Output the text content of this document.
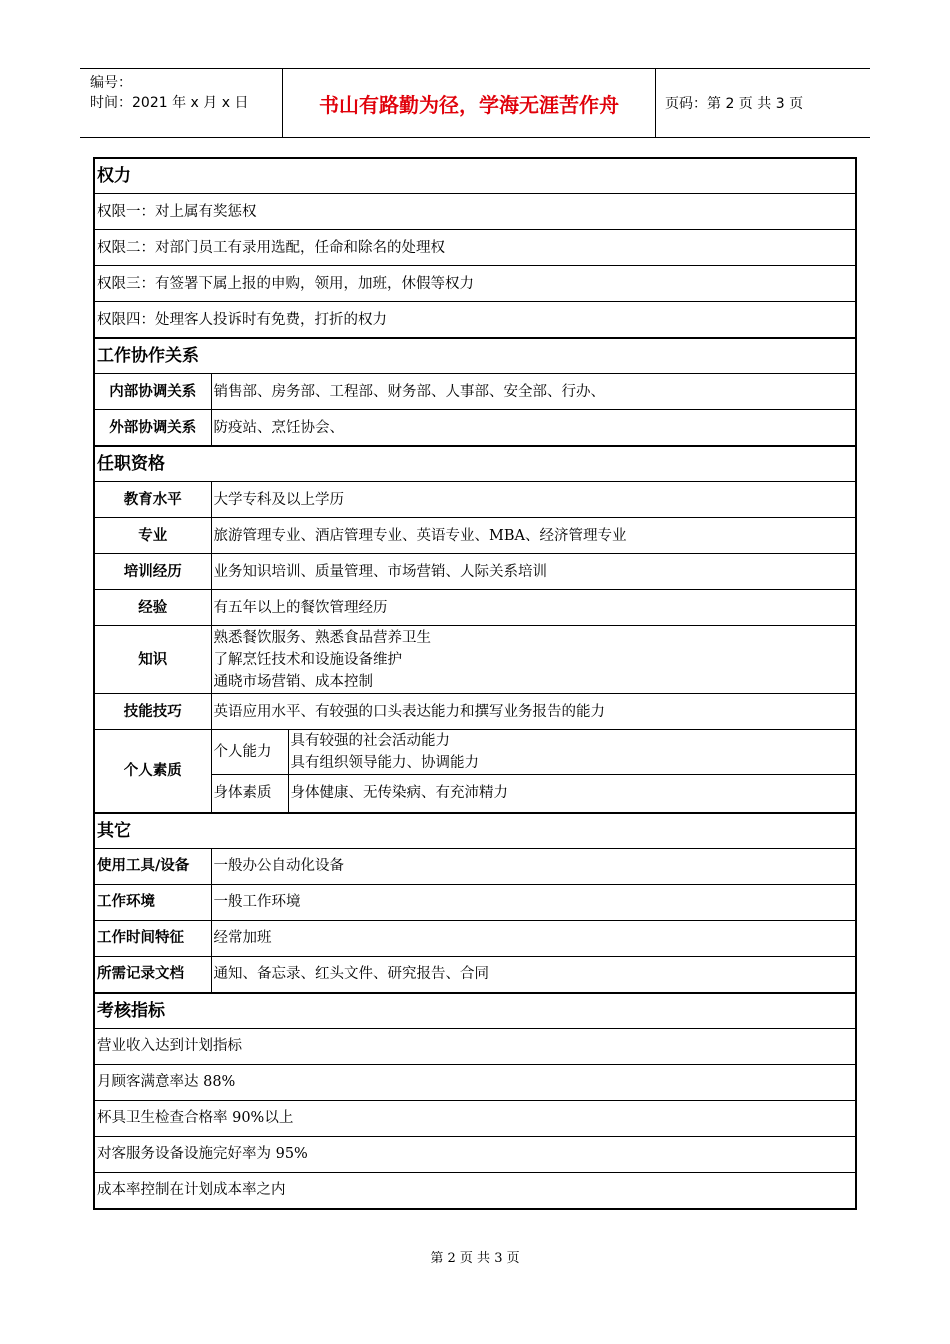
编号：
时间：2021 年 x 月 x 日	书山有路勤为径，学海无涯苦作舟	页码：第 2 页 共 3 页
权力		
权限一：对上属有奖惩权		
权限二：对部门员工有录用选配，任命和除名的处理权		
权限三：有签署下属上报的申购，领用，加班，休假等权力		
权限四：处理客人投诉时有免费，打折的权力		
工作协作关系		
内部协调关系	销售部、房务部、工程部、财务部、人事部、安全部、行办、	
外部协调关系	防疫站、烹饪协会、	
任职资格		
教育水平	大学专科及以上学历	
专业	旅游管理专业、酒店管理专业、英语专业、MBA、经济管理专业	
培训经历	业务知识培训、质量管理、市场营销、人际关系培训	
经验	有五年以上的餐饮管理经历	
知识	熟悉餐饮服务、熟悉食品营养卫生
了解烹饪技术和设施设备维护
通晓市场营销、成本控制	

技能技巧	英语应用水平、有较强的口头表达能力和撰写业务报告的能力	
个人素质	个人能力	具有较强的社会活动能力
具有组织领导能力、协调能力

	身体素质	身体健康、无传染病、有充沛精力
其它		
使用工具/设备	一般办公自动化设备	
工作环境	一般工作环境	
工作时间特征	经常加班	
所需记录文档	通知、备忘录、红头文件、研究报告、合同	
考核指标		
营业收入达到计划指标		
月顾客满意率达 88%		
杯具卫生检查合格率 90%以上		
对客服务设备设施完好率为 95%		
成本率控制在计划成本率之内		
第 2 页 共 3 页
